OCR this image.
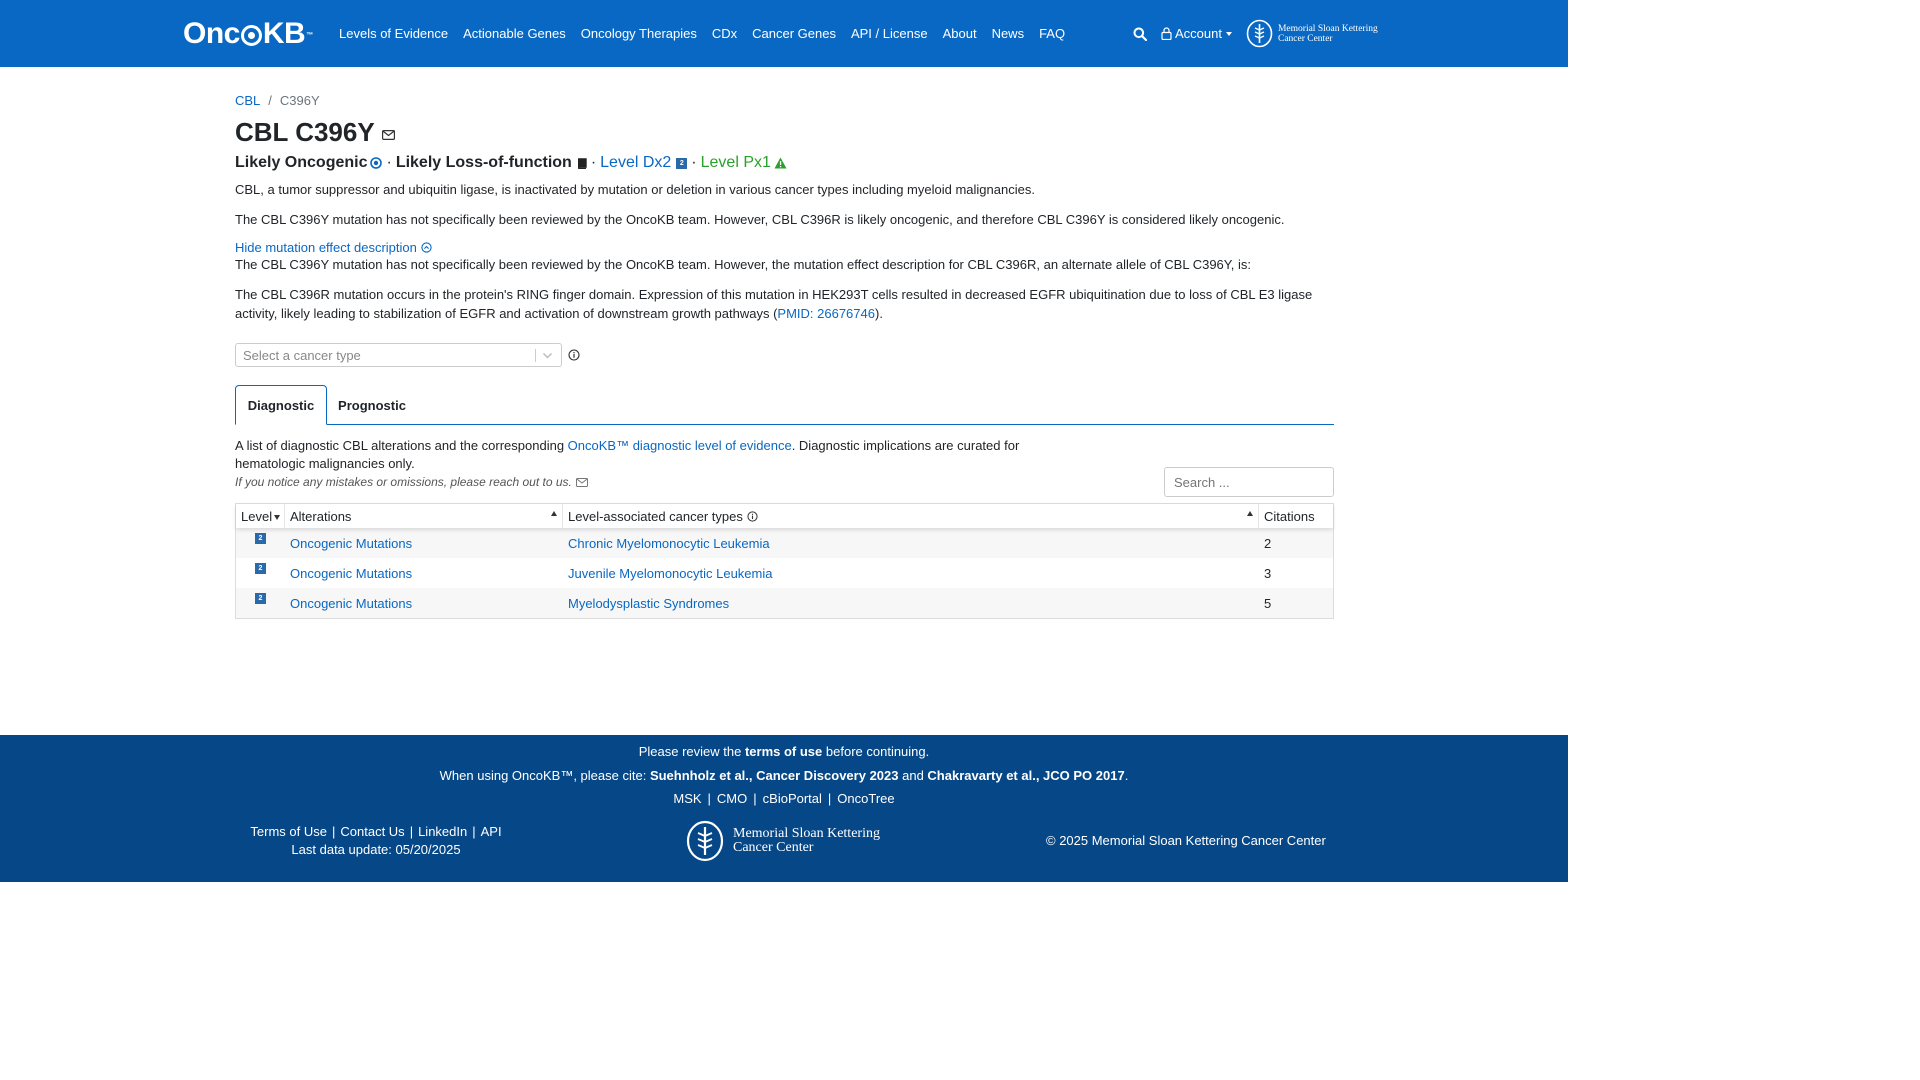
Onc KB ™ Levels of Evidence Actionable Genes Oncology Therapies CDx Cancer Genes API / License About News FAQ	Account	Memorial Sloan Kettering
Cancer Center
CBL / C396Y
CBL C396Y
Likely Oncogenic · Likely Loss-of-function · Level Dx2	2 · Level Px1

CBL, a tumor suppressor and ubiquitin ligase, is inactivated by mutation or deletion in various cancer types including myeloid malignancies.

The CBL C396Y mutation has not specifically been reviewed by the OncoKB team. However, CBL C396R is likely oncogenic, and therefore CBL C396Y is considered likely oncogenic.

Hide mutation effect description

The CBL C396Y mutation has not specifically been reviewed by the OncoKB team. However, the mutation effect description for CBL C396R, an alternate allele of CBL C396Y, is:

The CBL C396R mutation occurs in the protein's RING finger domain. Expression of this mutation in HEK293T cells resulted in decreased EGFR ubiquitination due to loss of CBL E3 ligase activity, likely leading to stabilization of EGFR and activation of downstream growth pathways (PMID: 26676746).

Select a cancer type
Diagnostic	Prognostic
A list of diagnostic CBL alterations and the corresponding OncoKB™ diagnostic level of evidence. Diagnostic implications are curated for hematologic malignancies only.
If you notice any mistakes or omissions, please reach out to us.
Search ...
Level Alterations	Level-associated cancer types	Citations
2 Oncogenic Mutations	Chronic Myelomonocytic Leukemia	2
2 Oncogenic Mutations	Juvenile Myelomonocytic Leukemia	3
2 Oncogenic Mutations	Myelodysplastic Syndromes	5
Please review the terms of use before continuing.
When using OncoKB™, please cite: Suehnholz et al., Cancer Discovery 2023 and Chakravarty et al., JCO PO 2017.
MSK | CMO | cBioPortal | OncoTree
Terms of Use | Contact Us | LinkedIn | API
Last data update: 05/20/2025
Memorial Sloan Kettering
Cancer Center	© 2025 Memorial Sloan Kettering Cancer Center
